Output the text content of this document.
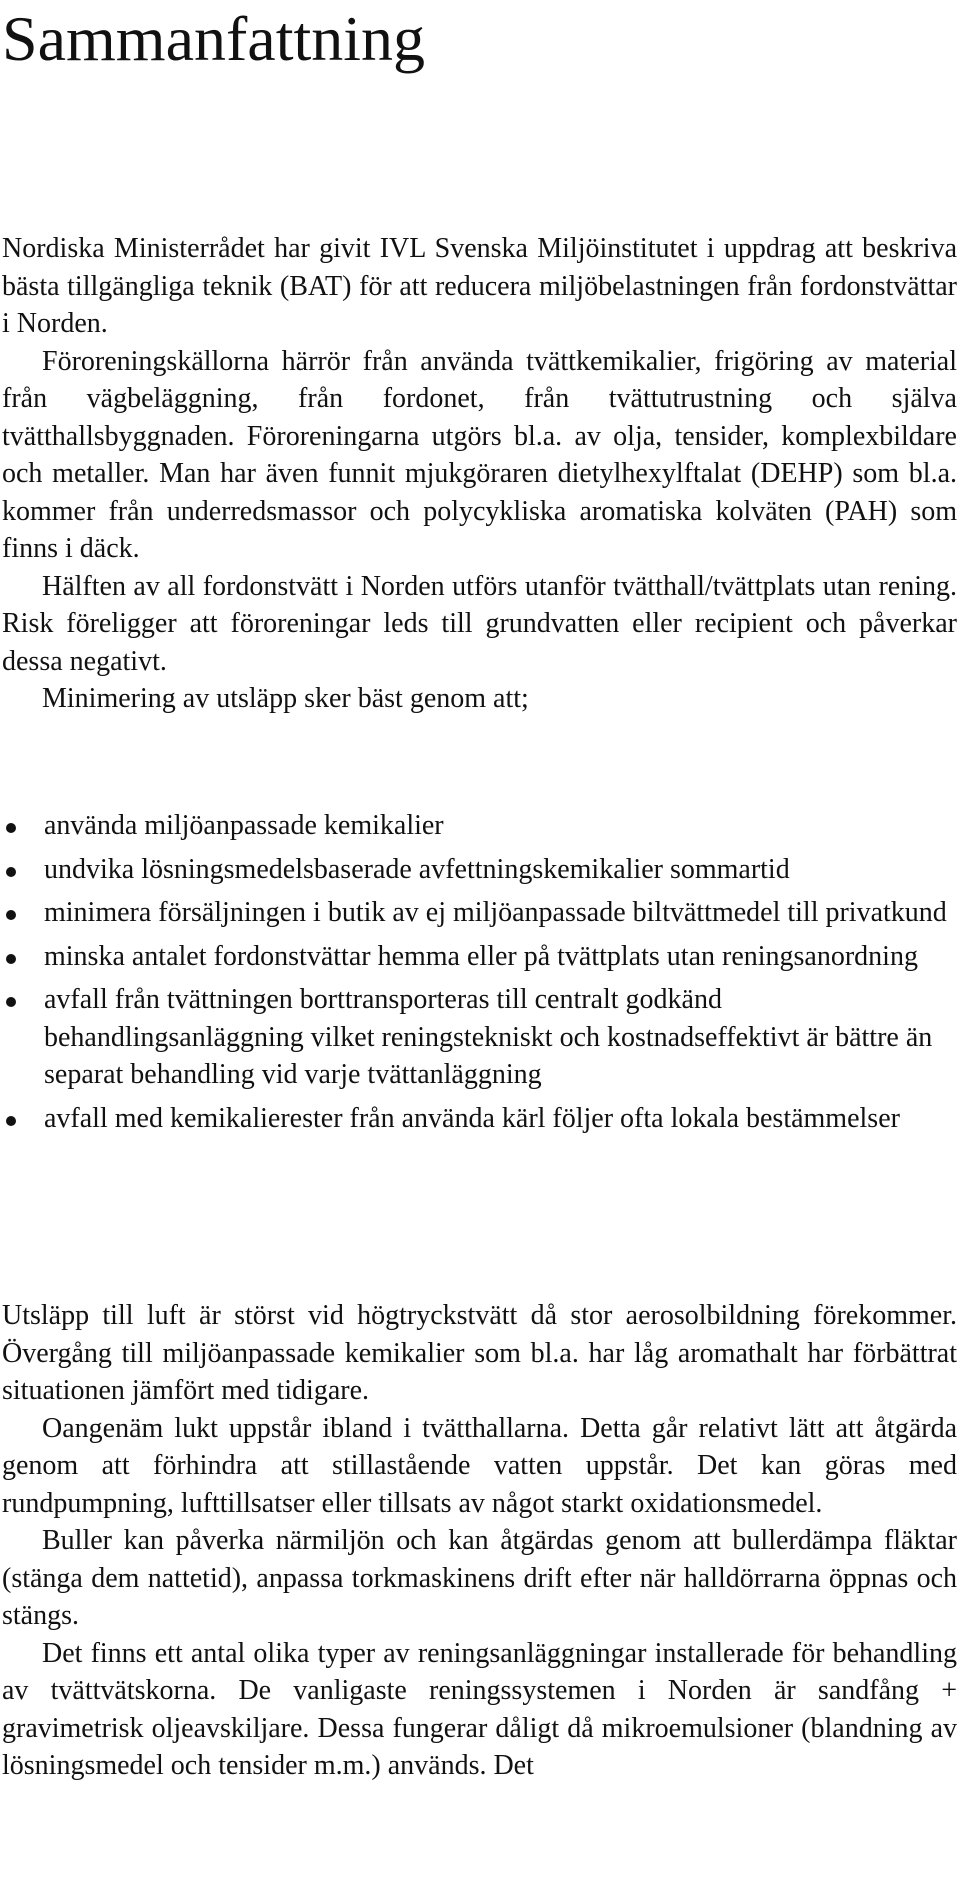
Sammanfattning

Nordiska Ministerrådet har givit IVL Svenska Miljöinstitutet i uppdrag att beskriva bästa tillgängliga teknik (BAT) för att reducera miljöbelastningen från fordonstvättar i Norden.

Föroreningskällorna härrör från använda tvättkemikalier, frigöring av material från vägbeläggning, från fordonet, från tvättutrustning och själva tvätthallsbyggnaden. Föroreningarna utgörs bl.a. av olja, tensider, komplexbildare och metaller. Man har även funnit mjukgöraren dietylhexylftalat (DEHP) som bl.a. kommer från underredsmassor och polycykliska aromatiska kolväten (PAH) som finns i däck.

Hälften av all fordonstvätt i Norden utförs utanför tvätthall/tvättplats utan rening. Risk föreligger att föroreningar leds till grundvatten eller recipient och påverkar dessa negativt.

Minimering av utsläpp sker bäst genom att;

använda miljöanpassade kemikalier
undvika lösningsmedelsbaserade avfettningskemikalier sommartid
minimera försäljningen i butik av ej miljöanpassade biltvättmedel till privatkund
minska antalet fordonstvättar hemma eller på tvättplats utan reningsanordning
avfall från tvättningen borttransporteras till centralt godkänd behandlingsanläggning vilket reningstekniskt och kostnadseffektivt är bättre än separat behandling vid varje tvättanläggning
avfall med kemikalierester från använda kärl följer ofta lokala bestämmelser

Utsläpp till luft är störst vid högtryckstvätt då stor aerosolbildning förekommer. Övergång till miljöanpassade kemikalier som bl.a. har låg aromathalt har förbättrat situationen jämfört med tidigare.

Oangenäm lukt uppstår ibland i tvätthallarna. Detta går relativt lätt att åtgärda genom att förhindra att stillastående vatten uppstår. Det kan göras med rundpumpning, lufttillsatser eller tillsats av något starkt oxidationsmedel.

Buller kan påverka närmiljön och kan åtgärdas genom att bullerdämpa fläktar (stänga dem nattetid), anpassa torkmaskinens drift efter när halldörrarna öppnas och stängs.

Det finns ett antal olika typer av reningsanläggningar installerade för behandling av tvättvätskorna. De vanligaste reningssystemen i Norden är sandfång + gravimetrisk oljeavskiljare. Dessa fungerar dåligt då mikroemulsioner (blandning av lösningsmedel och tensider m.m.) används. Det
